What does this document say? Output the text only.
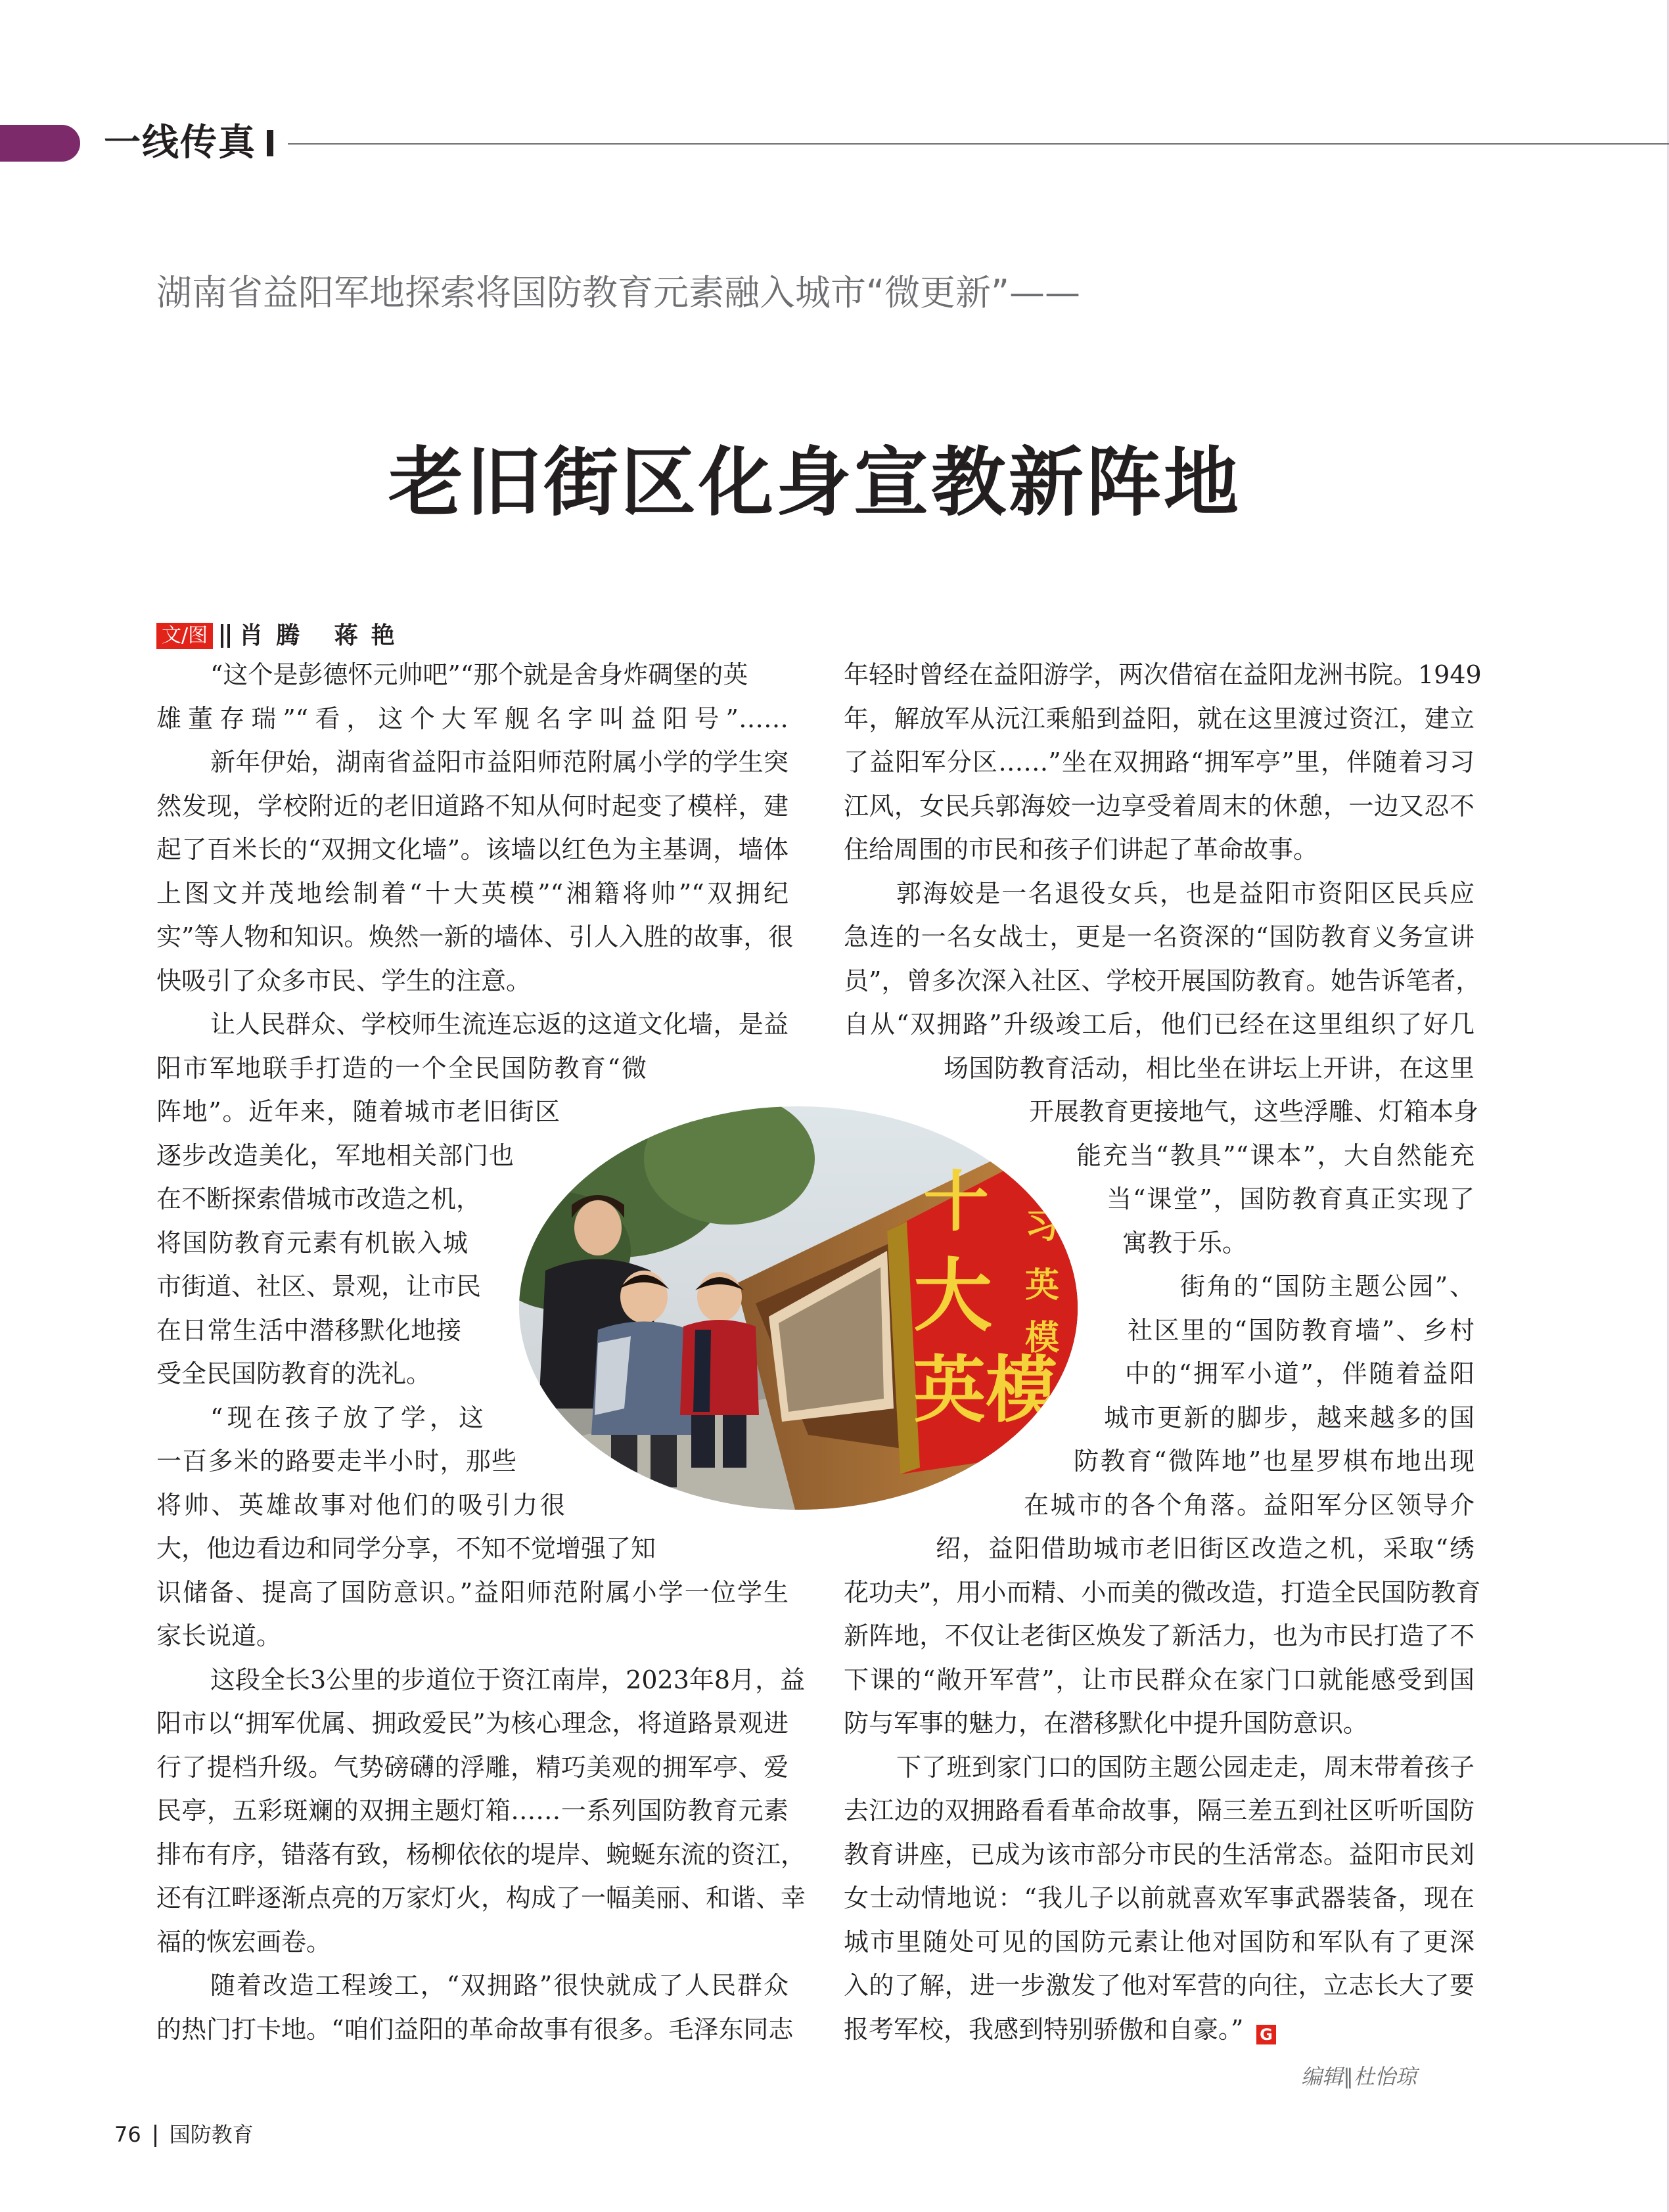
一线传真
湖南省益阳军地探索将国防教育元素融入城市“微更新”——
老旧街区化身宣教新阵地
文/图 肖腾 蒋艳
“这个是彭德怀元帅吧”“那个就是舍身炸碉堡的英
雄董存瑞”“看，这个大军舰名字叫益阳号”……
新年伊始，湖南省益阳市益阳师范附属小学的学生突
然发现，学校附近的老旧道路不知从何时起变了模样，建
起了百米长的“双拥文化墙”。该墙以红色为主基调，墙体
上图文并茂地绘制着“十大英模”“湘籍将帅”“双拥纪
实”等人物和知识。焕然一新的墙体、引人入胜的故事，很
快吸引了众多市民、学生的注意。
让人民群众、学校师生流连忘返的这道文化墙，是益
阳市军地联手打造的一个全民国防教育“微
阵地”。近年来，随着城市老旧街区
逐步改造美化，军地相关部门也
在不断探索借城市改造之机，
将国防教育元素有机嵌入城
市街道、社区、景观，让市民
在日常生活中潜移默化地接
受全民国防教育的洗礼。
“现在孩子放了学，这
一百多米的路要走半小时，那些
将帅、英雄故事对他们的吸引力很
大，他边看边和同学分享，不知不觉增强了知
识储备、提高了国防意识。”益阳师范附属小学一位学生
家长说道。
这段全长3公里的步道位于资江南岸，2023年8月，益
阳市以“拥军优属、拥政爱民”为核心理念，将道路景观进
行了提档升级。气势磅礴的浮雕，精巧美观的拥军亭、爱
民亭，五彩斑斓的双拥主题灯箱……一系列国防教育元素
排布有序，错落有致，杨柳依依的堤岸、蜿蜒东流的资江，
还有江畔逐渐点亮的万家灯火，构成了一幅美丽、和谐、幸
福的恢宏画卷。
随着改造工程竣工，“双拥路”很快就成了人民群众
的热门打卡地。“咱们益阳的革命故事有很多。毛泽东同志
年轻时曾经在益阳游学，两次借宿在益阳龙洲书院。1949
年，解放军从沅江乘船到益阳，就在这里渡过资江，建立
了益阳军分区……”坐在双拥路“拥军亭”里，伴随着习习
江风，女民兵郭海姣一边享受着周末的休憩，一边又忍不
住给周围的市民和孩子们讲起了革命故事。
郭海姣是一名退役女兵，也是益阳市资阳区民兵应
急连的一名女战士，更是一名资深的“国防教育义务宣讲
员”，曾多次深入社区、学校开展国防教育。她告诉笔者，
自从“双拥路”升级竣工后，他们已经在这里组织了好几
场国防教育活动，相比坐在讲坛上开讲，在这里
开展教育更接地气，这些浮雕、灯箱本身
能充当“教具”“课本”，大自然能充
当“课堂”，国防教育真正实现了
寓教于乐。
街角的“国防主题公园”、
社区里的“国防教育墙”、乡村
中的“拥军小道”，伴随着益阳
城市更新的脚步，越来越多的国
防教育“微阵地”也星罗棋布地出现
在城市的各个角落。益阳军分区领导介
绍，益阳借助城市老旧街区改造之机，采取“绣
花功夫”，用小而精、小而美的微改造，打造全民国防教育
新阵地，不仅让老街区焕发了新活力，也为市民打造了不
下课的“敞开军营”，让市民群众在家门口就能感受到国
防与军事的魅力，在潜移默化中提升国防意识。
下了班到家门口的国防主题公园走走，周末带着孩子
去江边的双拥路看看革命故事，隔三差五到社区听听国防
教育讲座，已成为该市部分市民的生活常态。益阳市民刘
女士动情地说：“我儿子以前就喜欢军事武器装备，现在
城市里随处可见的国防元素让他对国防和军队有了更深
入的了解，进一步激发了他对军营的向往，立志长大了要
报考军校，我感到特别骄傲和自豪。”
大
英模
十 习
英
模
G
编辑∥杜怡琼
76 国防教育
